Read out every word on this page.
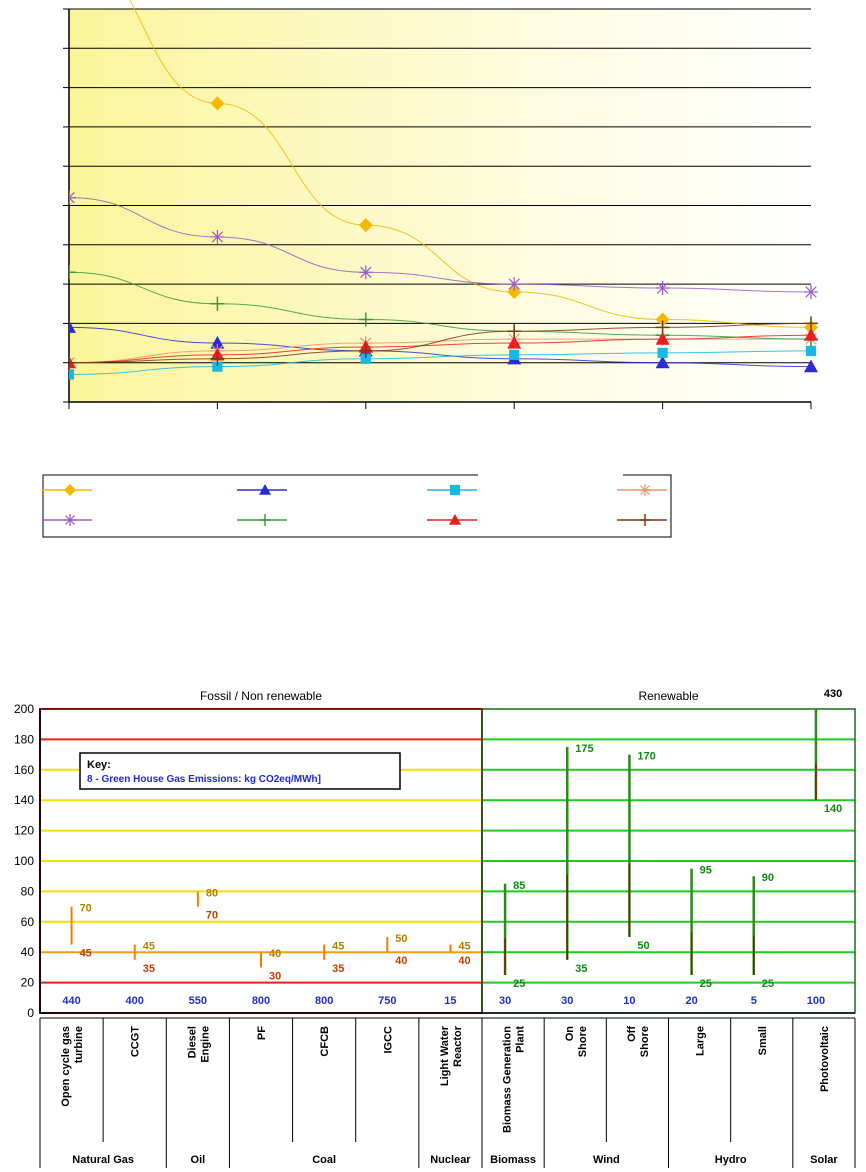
Fossil / Non renewable	Renewable
0
20
40
60
80
100
120
140
160
180
200
70
45
440
45
35
400
80
70
550
40
30
800
45
35
800
50
40
750
45
40
15
85
25
30
175
35
30
170
50
10
95
25
20
90
25
5
430
140
100
Key:
8 - Green House Gas Emissions: kg CO2eq/MWh]
Open cycle gas turbine	CCGT	Diesel Engine	PF	CFCB	IGCC	Light Water Reactor	Biomass Generation Plant	On Shore	Off Shore	Large	Small	Photovoltaic
Natural Gas	Oil	Coal	Nuclear Biomass	Wind	Hydro	Solar
